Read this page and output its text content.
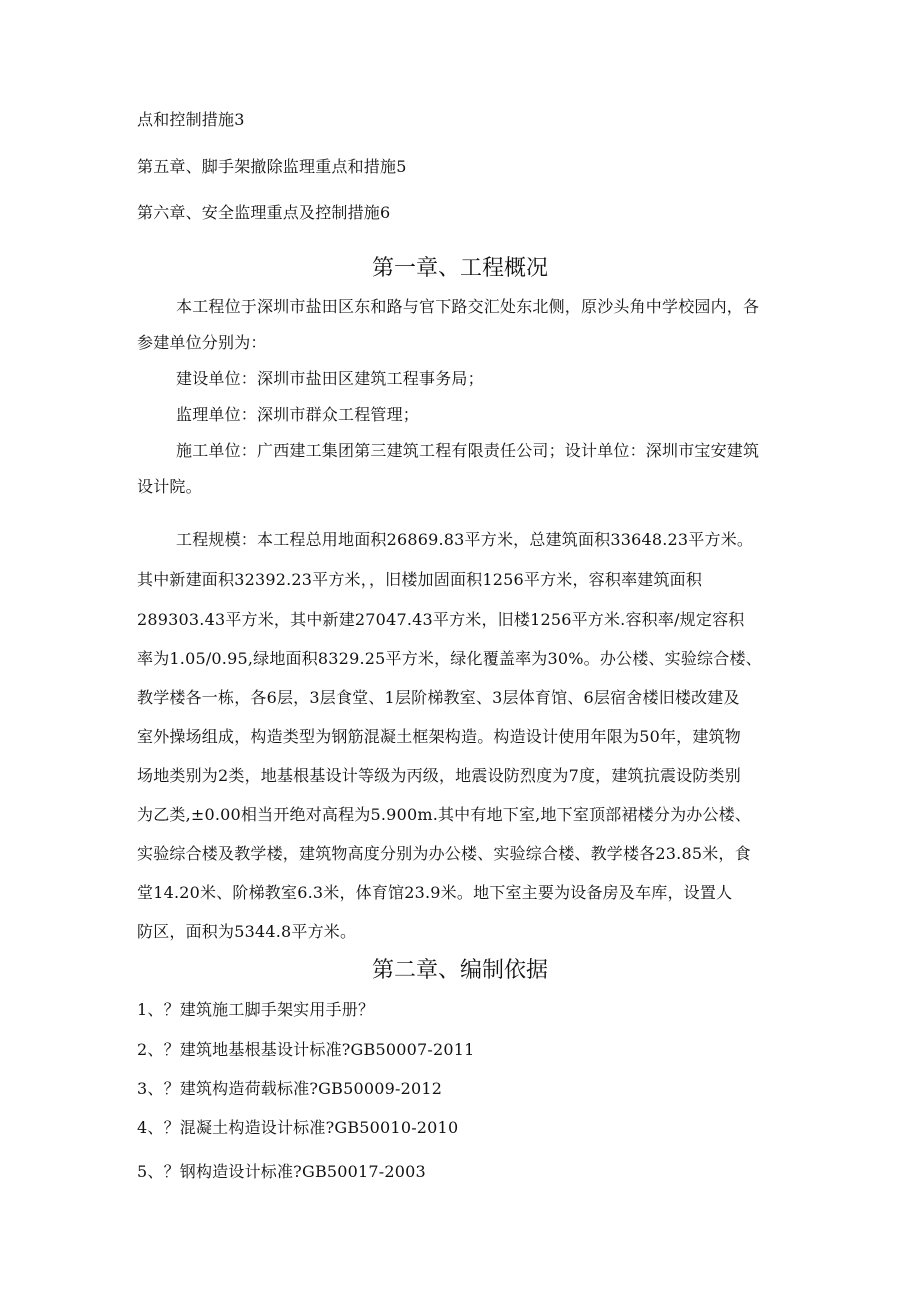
点和控制措施3
第五章、脚手架撤除监理重点和措施5
第六章、安全监理重点及控制措施6
第一章、工程概况
本工程位于深圳市盐田区东和路与官下路交汇处东北侧，原沙头角中学校园内，各
参建单位分别为：
建设单位：深圳市盐田区建筑工程事务局；
监理单位：深圳市群众工程管理；
施工单位：广西建工集团第三建筑工程有限责任公司；设计单位：深圳市宝安建筑
设计院。
工程规模：本工程总用地面积26869.83平方米，总建筑面积33648.23平方米。
其中新建面积32392.23平方米，，旧楼加固面积1256平方米，容积率建筑面积
289303.43平方米，其中新建27047.43平方米，旧楼1256平方米.容积率/规定容积
率为1.05/0.95,绿地面积8329.25平方米，绿化覆盖率为30%。办公楼、实验综合楼、
教学楼各一栋，各6层，3层食堂、1层阶梯教室、3层体育馆、6层宿舍楼旧楼改建及
室外操场组成，构造类型为钢筋混凝土框架构造。构造设计使用年限为50年，建筑物
场地类别为2类，地基根基设计等级为丙级，地震设防烈度为7度，建筑抗震设防类别
为乙类,±0.00相当开绝对高程为5.900m.其中有地下室,地下室顶部裙楼分为办公楼、
实验综合楼及教学楼，建筑物高度分别为办公楼、实验综合楼、教学楼各23.85米，食
堂14.20米、阶梯教室6.3米，体育馆23.9米。地下室主要为设备房及车库，设置人
防区，面积为5344.8平方米。
第二章、编制依据
1、？建筑施工脚手架实用手册？
2、？建筑地基根基设计标准?GB50007-2011
3、？建筑构造荷载标准?GB50009-2012
4、？混凝土构造设计标准?GB50010-2010
5、？钢构造设计标准?GB50017-2003
